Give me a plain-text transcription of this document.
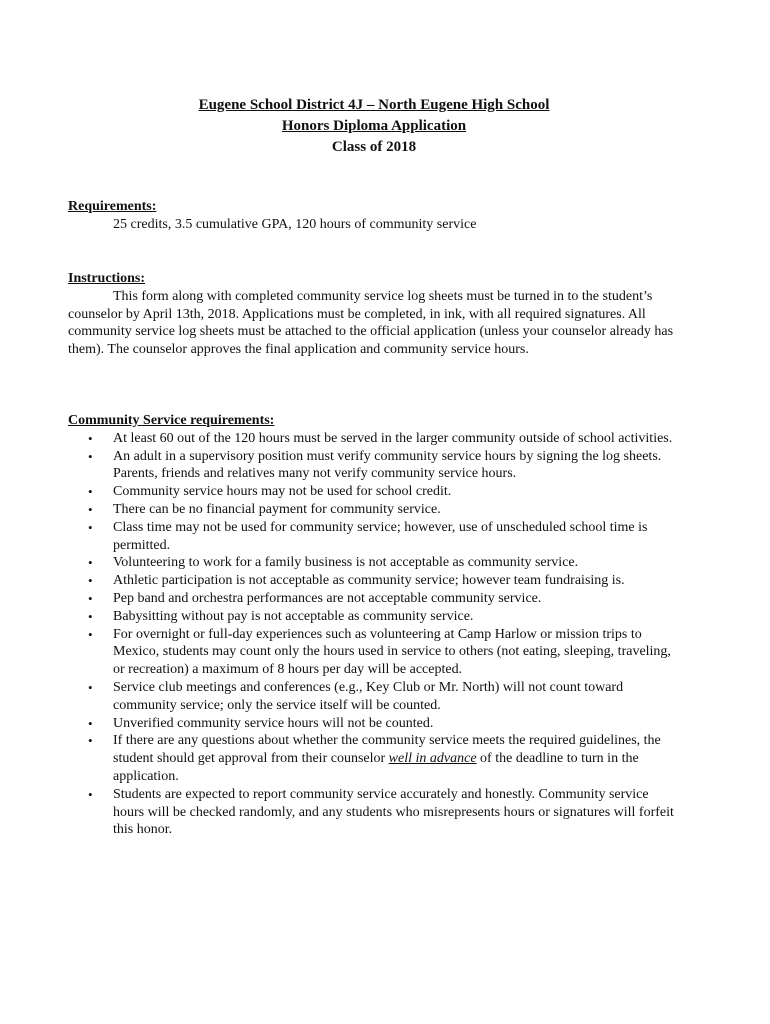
Eugene School District 4J – North Eugene High School
Honors Diploma Application
Class of 2018
Requirements:
25 credits, 3.5 cumulative GPA, 120 hours of community service
Instructions:

This form along with completed community service log sheets must be turned in to the student’s counselor by April 13th, 2018. Applications must be completed, in ink, with all required signatures. All community service log sheets must be attached to the official application (unless your counselor already has them). The counselor approves the final application and community service hours.

Community Service requirements:
• At least 60 out of the 120 hours must be served in the larger community outside of school activities.
• An adult in a supervisory position must verify community service hours by signing the log sheets. Parents, friends and relatives many not verify community service hours.
• Community service hours may not be used for school credit.
• There can be no financial payment for community service.
• Class time may not be used for community service; however, use of unscheduled school time is permitted.
• Volunteering to work for a family business is not acceptable as community service.
• Athletic participation is not acceptable as community service; however team fundraising is.
• Pep band and orchestra performances are not acceptable community service.
• Babysitting without pay is not acceptable as community service.
• For overnight or full-day experiences such as volunteering at Camp Harlow or mission trips to Mexico, students may count only the hours used in service to others (not eating, sleeping, traveling, or recreation) a maximum of 8 hours per day will be accepted.
• Service club meetings and conferences (e.g., Key Club or Mr. North) will not count toward community service; only the service itself will be counted.
• Unverified community service hours will not be counted.
• If there are any questions about whether the community service meets the required guidelines, the student should get approval from their counselor well in advance of the deadline to turn in the application.
• Students are expected to report community service accurately and honestly. Community service hours will be checked randomly, and any students who misrepresents hours or signatures will forfeit this honor.
